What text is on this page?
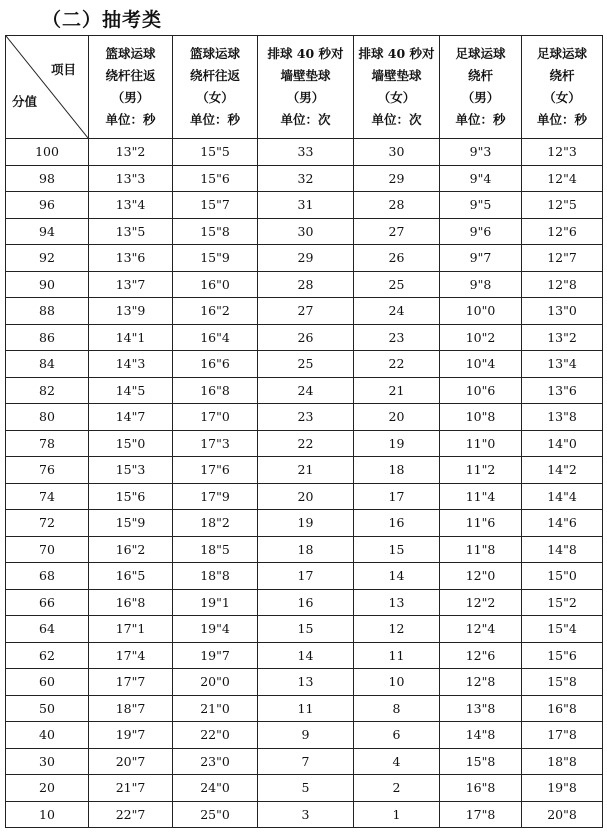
（二）抽考类
项目
分值	篮球运球
绕杆往返
（男）
单位：秒	篮球运球
绕杆往返
（女）
单位：秒	排球 40 秒对
墙壁垫球
（男）
单位：次	排球 40 秒对
墙壁垫球
（女）
单位：次	足球运球
绕杆
（男）
单位：秒	足球运球
绕杆
（女）
单位：秒

100	13"2	15"5	33	30	9"3	12"3
98	13"3	15"6	32	29	9"4	12"4
96	13"4	15"7	31	28	9"5	12"5
94	13"5	15"8	30	27	9"6	12"6
92	13"6	15"9	29	26	9"7	12"7
90	13"7	16"0	28	25	9"8	12"8
88	13"9	16"2	27	24	10"0	13"0
86	14"1	16"4	26	23	10"2	13"2
84	14"3	16"6	25	22	10"4	13"4
82	14"5	16"8	24	21	10"6	13"6
80	14"7	17"0	23	20	10"8	13"8
78	15"0	17"3	22	19	11"0	14"0
76	15"3	17"6	21	18	11"2	14"2
74	15"6	17"9	20	17	11"4	14"4
72	15"9	18"2	19	16	11"6	14"6
70	16"2	18"5	18	15	11"8	14"8
68	16"5	18"8	17	14	12"0	15"0
66	16"8	19"1	16	13	12"2	15"2
64	17"1	19"4	15	12	12"4	15"4
62	17"4	19"7	14	11	12"6	15"6
60	17"7	20"0	13	10	12"8	15"8
50	18"7	21"0	11	8	13"8	16"8
40	19"7	22"0	9	6	14"8	17"8
30	20"7	23"0	7	4	15"8	18"8
20	21"7	24"0	5	2	16"8	19"8
10	22"7	25"0	3	1	17"8	20"8
